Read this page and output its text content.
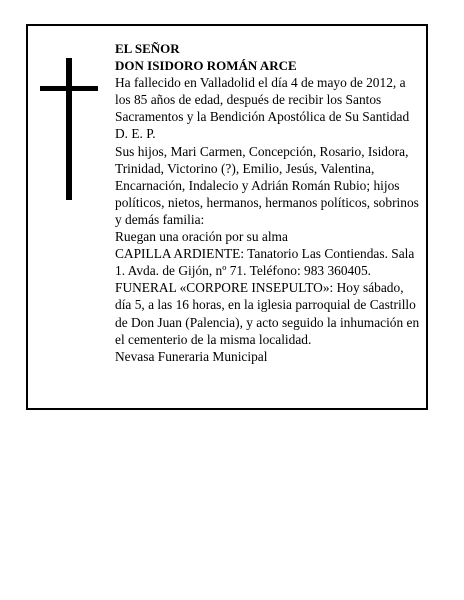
EL SEÑOR

DON ISIDORO ROMÁN ARCE

Ha fallecido en Valladolid el día 4 de mayo de 2012, a los 85 años de edad, después de recibir los Santos Sacramentos y la Bendición Apostólica de Su Santidad D. E. P.

Sus hijos, Mari Carmen, Concepción, Rosario, Isidora, Trinidad, Victorino (?), Emilio, Jesús, Valentina, Encarnación, Indalecio y Adrián Román Rubio; hijos políticos, nietos, hermanos, hermanos políticos, sobrinos y demás familia:

Ruegan una oración por su alma

CAPILLA ARDIENTE: Tanatorio Las Contiendas. Sala 1. Avda. de Gijón, nº 71. Teléfono: 983 360405.

FUNERAL «CORPORE INSEPULTO»: Hoy sábado, día 5, a las 16 horas, en la iglesia parroquial de Castrillo de Don Juan (Palencia), y acto seguido la inhumación en el cementerio de la misma localidad.

Nevasa Funeraria Municipal
